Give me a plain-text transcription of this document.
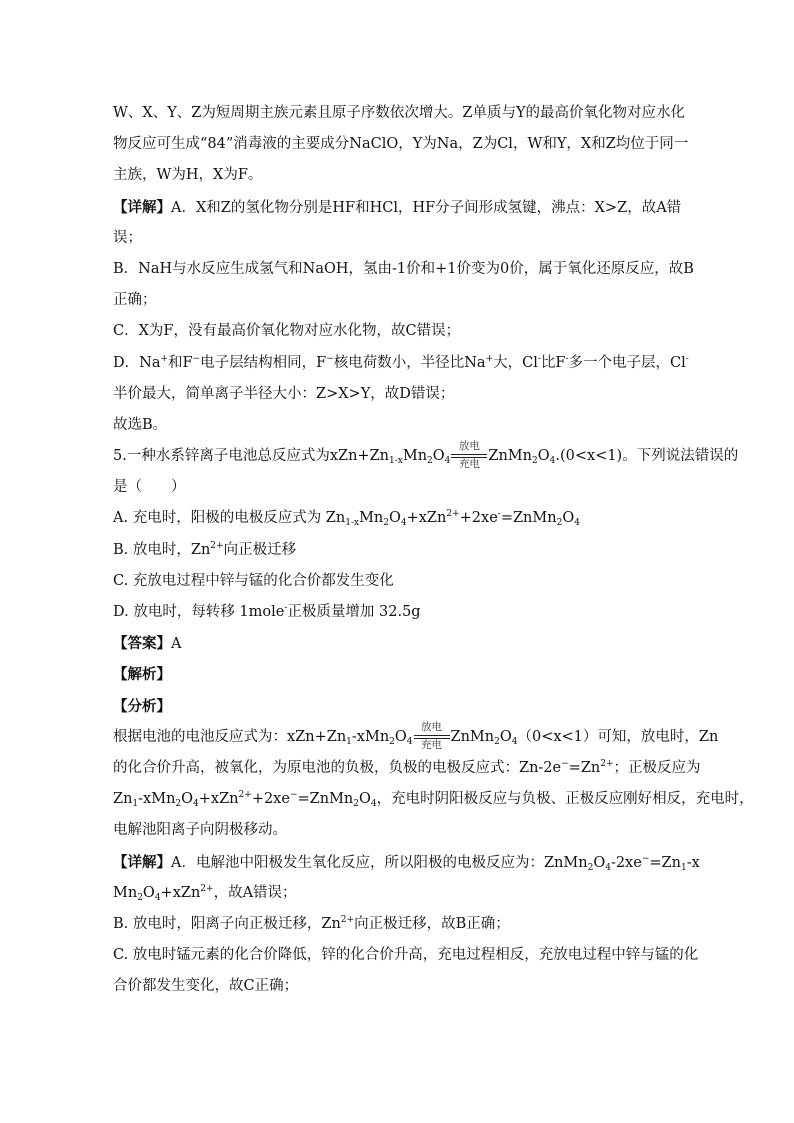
W、X、Y、Z为短周期主族元素且原子序数依次增大。Z单质与Y的最高价氧化物对应水化
物反应可生成“84”消毒液的主要成分NaClO，Y为Na，Z为Cl，W和Y，X和Z均位于同一
主族，W为H，X为F。
【详解】A．X和Z的氢化物分别是HF和HCl，HF分子间形成氢键，沸点：X>Z，故A错
误；
B．NaH与水反应生成氢气和NaOH，氢由-1价和+1价变为0价，属于氧化还原反应，故B
正确；
C．X为F，没有最高价氧化物对应水化物，故C错误；
D．Na+和F−电子层结构相同，F−核电荷数小，半径比Na+大，Cl-比F-多一个电子层，Cl-
半价最大，简单离子半径大小：Z>X>Y，故D错误；
故选B。
5.一种水系锌离子电池总反应式为$xZn+Zn_{1-x}Mn_2O_4$
放电
充电 $ZnMn_2O_4.(0<x<1)$。下列说法错误的
是（　　）
A. 充电时，阳极的电极反应式为 $Zn_{1-x}Mn_2O_4+xZn^{2+}+2xe^-=ZnMn_2O_4$
B. 放电时，$Zn^{2+}$向正极迁移
C. 充放电过程中锌与锰的化合价都发生变化
D. 放电时，每转移 1mole-正极质量增加 32.5g
【答案】A
【解析】
【分析】
根据电池的电池反应式为：$xZn+Zn_1-xMn_2O_4$
放电
充电 $ZnMn_2O_4(0<x<1)$可知，放电时，Zn
的化合价升高，被氧化，为原电池的负极，负极的电极反应式：$Zn-2e^-=Zn^{2+}$；正极反应为
$Zn_1-xMn_2O_4+xZn^{2+}+2xe^-=ZnMn_2O_4$，充电时阴阳极反应与负极、正极反应刚好相反，充电时，
电解池阳离子向阴极移动。
【详解】A．电解池中阳极发生氧化反应，所以阳极的电极反应为：$ZnMn_2O_4-2xe^-=Zn_1-x$
$Mn_2O_4+xZn^{2+}$，故A错误；
B. 放电时，阳离子向正极迁移，$Zn^{2+}$向正极迁移，故B正确；
C. 放电时锰元素的化合价降低，锌的化合价升高，充电过程相反，充放电过程中锌与锰的化
合价都发生变化，故C正确；
